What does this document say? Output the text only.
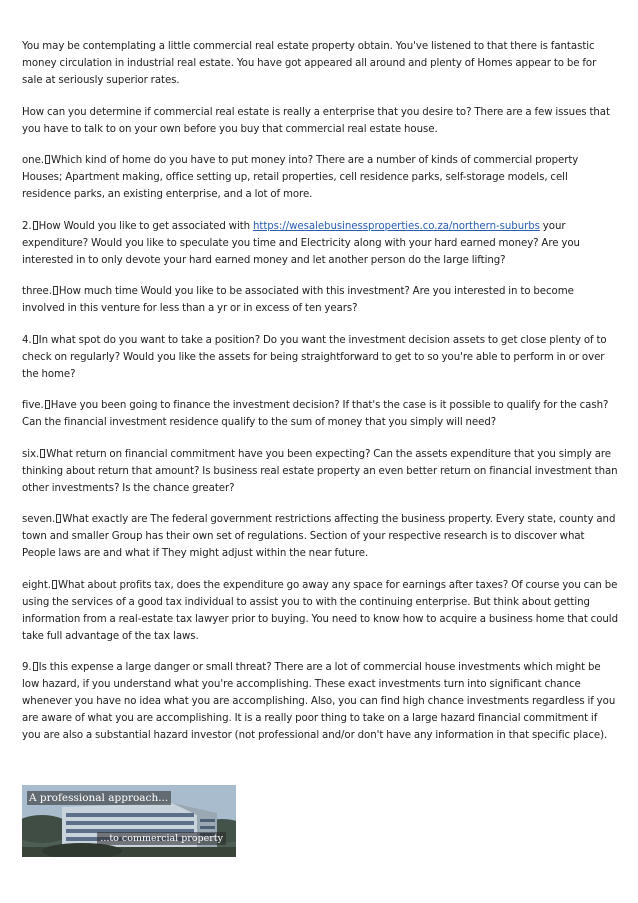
You may be contemplating a little commercial real estate property obtain. You've listened to that there is fantastic money circulation in industrial real estate. You have got appeared all around and plenty of Homes appear to be for sale at seriously superior rates.

How can you determine if commercial real estate is really a enterprise that you desire to? There are a few issues that you have to talk to on your own before you buy that commercial real estate house.

one. Which kind of home do you have to put money into? There are a number of kinds of commercial property Houses; Apartment making, office setting up, retail properties, cell residence parks, self-storage models, cell residence parks, an existing enterprise, and a lot of more.

2. How Would you like to get associated with https://wesalebusinessproperties.co.za/northern-suburbs your expenditure? Would you like to speculate you time and Electricity along with your hard earned money? Are you interested in to only devote your hard earned money and let another person do the large lifting?

three. How much time Would you like to be associated with this investment? Are you interested in to become involved in this venture for less than a yr or in excess of ten years?

4. In what spot do you want to take a position? Do you want the investment decision assets to get close plenty of to check on regularly? Would you like the assets for being straightforward to get to so you're able to perform in or over the home?

five. Have you been going to finance the investment decision? If that's the case is it possible to qualify for the cash? Can the financial investment residence qualify to the sum of money that you simply will need?

six. What return on financial commitment have you been expecting? Can the assets expenditure that you simply are thinking about return that amount? Is business real estate property an even better return on financial investment than other investments? Is the chance greater?

seven. What exactly are The federal government restrictions affecting the business property. Every state, county and town and smaller Group has their own set of regulations. Section of your respective research is to discover what People laws are and what if They might adjust within the near future.

eight. What about profits tax, does the expenditure go away any space for earnings after taxes? Of course you can be using the services of a good tax individual to assist you to with the continuing enterprise. But think about getting information from a real-estate tax lawyer prior to buying. You need to know how to acquire a business home that could take full advantage of the tax laws.

9. Is this expense a large danger or small threat? There are a lot of commercial house investments which might be low hazard, if you understand what you're accomplishing. These exact investments turn into significant chance whenever you have no idea what you are accomplishing. Also, you can find high chance investments regardless if you are aware of what you are accomplishing. It is a really poor thing to take on a large hazard financial commitment if you are also a substantial hazard investor (not professional and/or don't have any information in that specific place).

A professional approach...
...to commercial property
